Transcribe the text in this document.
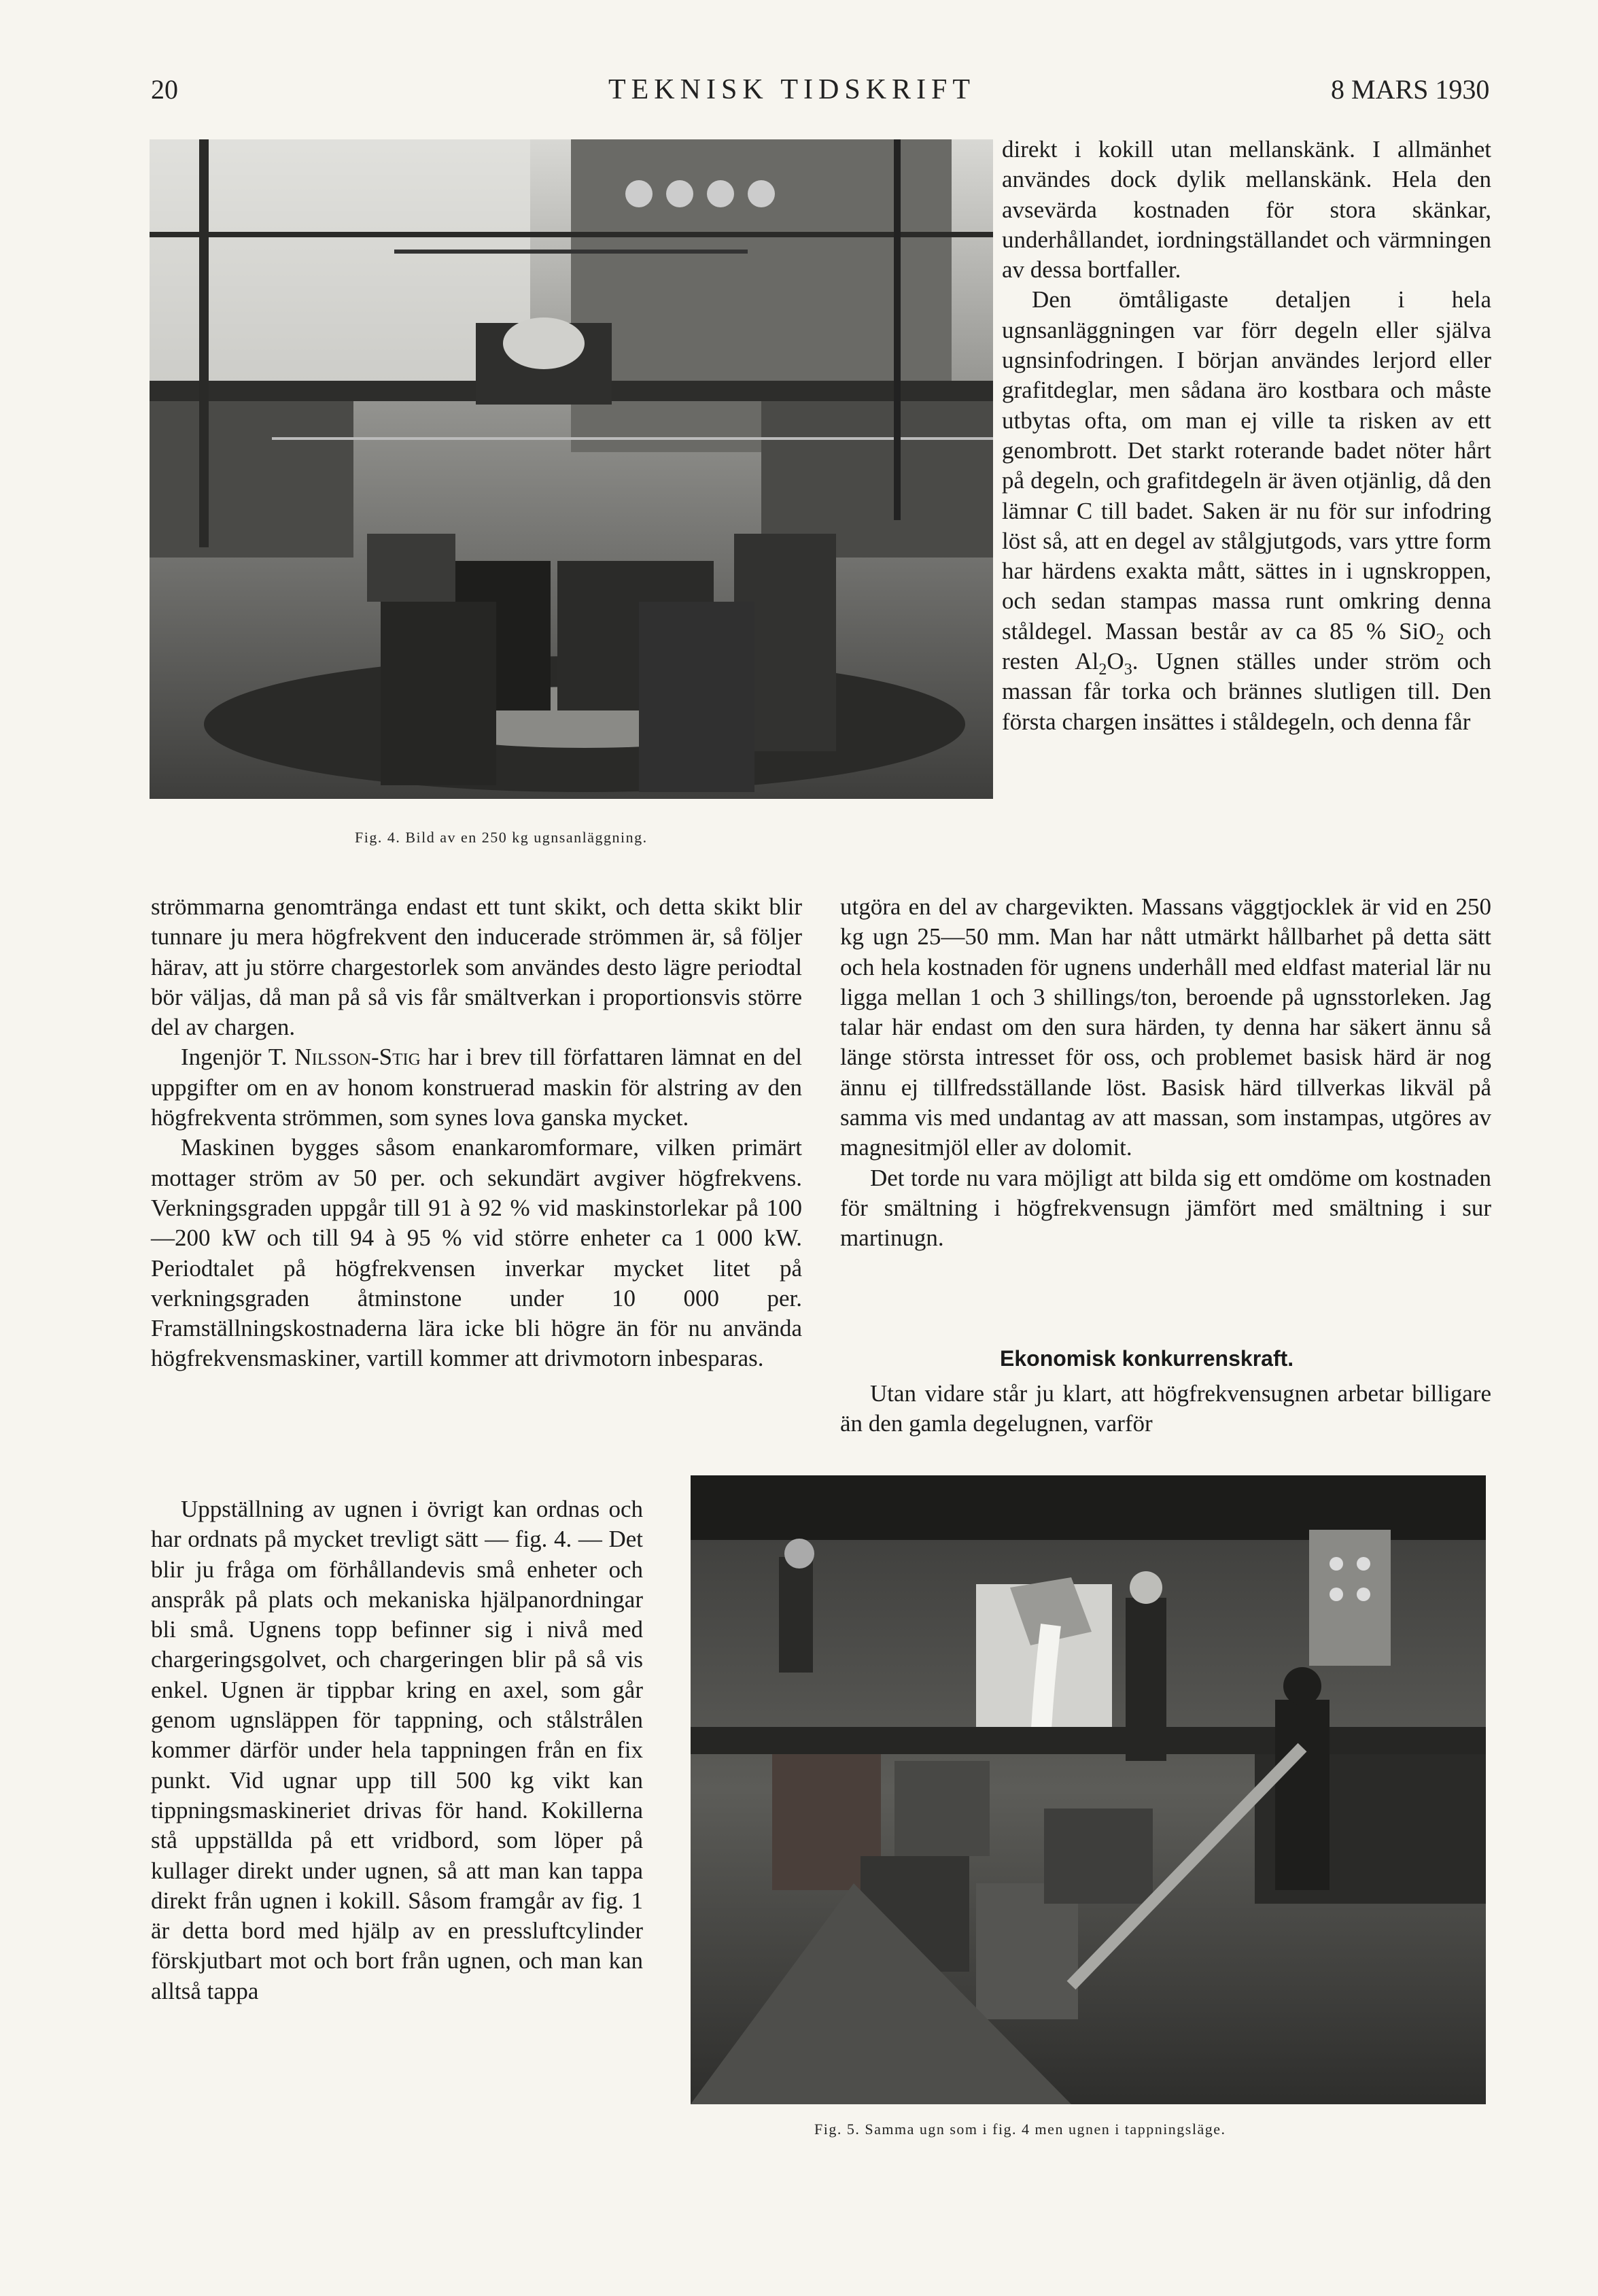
20	TEKNISK TIDSKRIFT	8 MARS 1930
Fig. 4. Bild av en 250 kg ugnsanläggning.

direkt i kokill utan mellanskänk. I allmänhet användes dock dylik mellanskänk. Hela den avsevärda kostnaden för stora skänkar, underhållandet, iordningställandet och värmningen av dessa bortfaller.

Den ömtåligaste detaljen i hela ugnsanläggningen var förr degeln eller själva ugnsinfodringen. I början användes lerjord eller grafitdeglar, men sådana äro kostbara och måste utbytas ofta, om man ej ville ta risken av ett genombrott. Det starkt roterande badet nöter hårt på degeln, och grafitdegeln är även otjänlig, då den lämnar C till badet. Saken är nu för sur infodring löst så, att en degel av stålgjutgods, vars yttre form har härdens exakta mått, sättes in i ugnskroppen, och sedan stampas massa runt omkring denna ståldegel. Massan består av ca 85 % SiO$_2$ och resten $Al_2O_3$. Ugnen ställes under ström och massan får torka och brännes slutligen till. Den första chargen insättes i ståldegeln, och denna får

strömmarna genomtränga endast ett tunt skikt, och detta skikt blir tunnare ju mera högfrekvent den inducerade strömmen är, så följer härav, att ju större chargestorlek som användes desto lägre periodtal bör väljas, då man på så vis får smältverkan i proportionsvis större del av chargen.

Ingenjör T. Nilsson-Stig har i brev till författaren lämnat en del uppgifter om en av honom konstruerad maskin för alstring av den högfrekventa strömmen, som synes lova ganska mycket.

Maskinen bygges såsom enankaromformare, vilken primärt mottager ström av 50 per. och sekundärt avgiver högfrekvens. Verkningsgraden uppgår till 91 à 92 % vid maskinstorlekar på 100—200 kW och till 94 à 95 % vid större enheter ca 1 000 kW. Periodtalet på högfrekvensen inverkar mycket litet på verkningsgraden åtminstone under 10 000 per. Framställningskostnaderna lära icke bli högre än för nu använda högfrekvensmaskiner, vartill kommer att drivmotorn inbesparas.

utgöra en del av chargevikten. Massans väggtjocklek är vid en 250 kg ugn 25—50 mm. Man har nått utmärkt hållbarhet på detta sätt och hela kostnaden för ugnens underhåll med eldfast material lär nu ligga mellan 1 och 3 shillings/ton, beroende på ugnsstorleken. Jag talar här endast om den sura härden, ty denna har säkert ännu så länge största intresset för oss, och problemet basisk härd är nog ännu ej tillfredsställande löst. Basisk härd tillverkas likväl på samma vis med undantag av att massan, som instampas, utgöres av magnesitmjöl eller av dolomit.

Det torde nu vara möjligt att bilda sig ett omdöme om kostnaden för smältning i högfrekvensugn jämfört med smältning i sur martinugn.

Ekonomisk konkurrenskraft.

Utan vidare står ju klart, att högfrekvensugnen arbetar billigare än den gamla degelugnen, varför

Uppställning av ugnen i övrigt kan ordnas och har ordnats på mycket trevligt sätt — fig. 4. — Det blir ju fråga om förhållandevis små enheter och anspråk på plats och mekaniska hjälpanordningar bli små. Ugnens topp befinner sig i nivå med chargeringsgolvet, och chargeringen blir på så vis enkel. Ugnen är tippbar kring en axel, som går genom ugnsläppen för tappning, och stålstrålen kommer därför under hela tappningen från en fix punkt. Vid ugnar upp till 500 kg vikt kan tippningsmaskineriet drivas för hand. Kokillerna stå uppställda på ett vridbord, som löper på kullager direkt under ugnen, så att man kan tappa direkt från ugnen i kokill. Såsom framgår av fig. 1 är detta bord med hjälp av en pressluftcylinder förskjutbart mot och bort från ugnen, och man kan alltså tappa

Fig. 5. Samma ugn som i fig. 4 men ugnen i tappningsläge.
